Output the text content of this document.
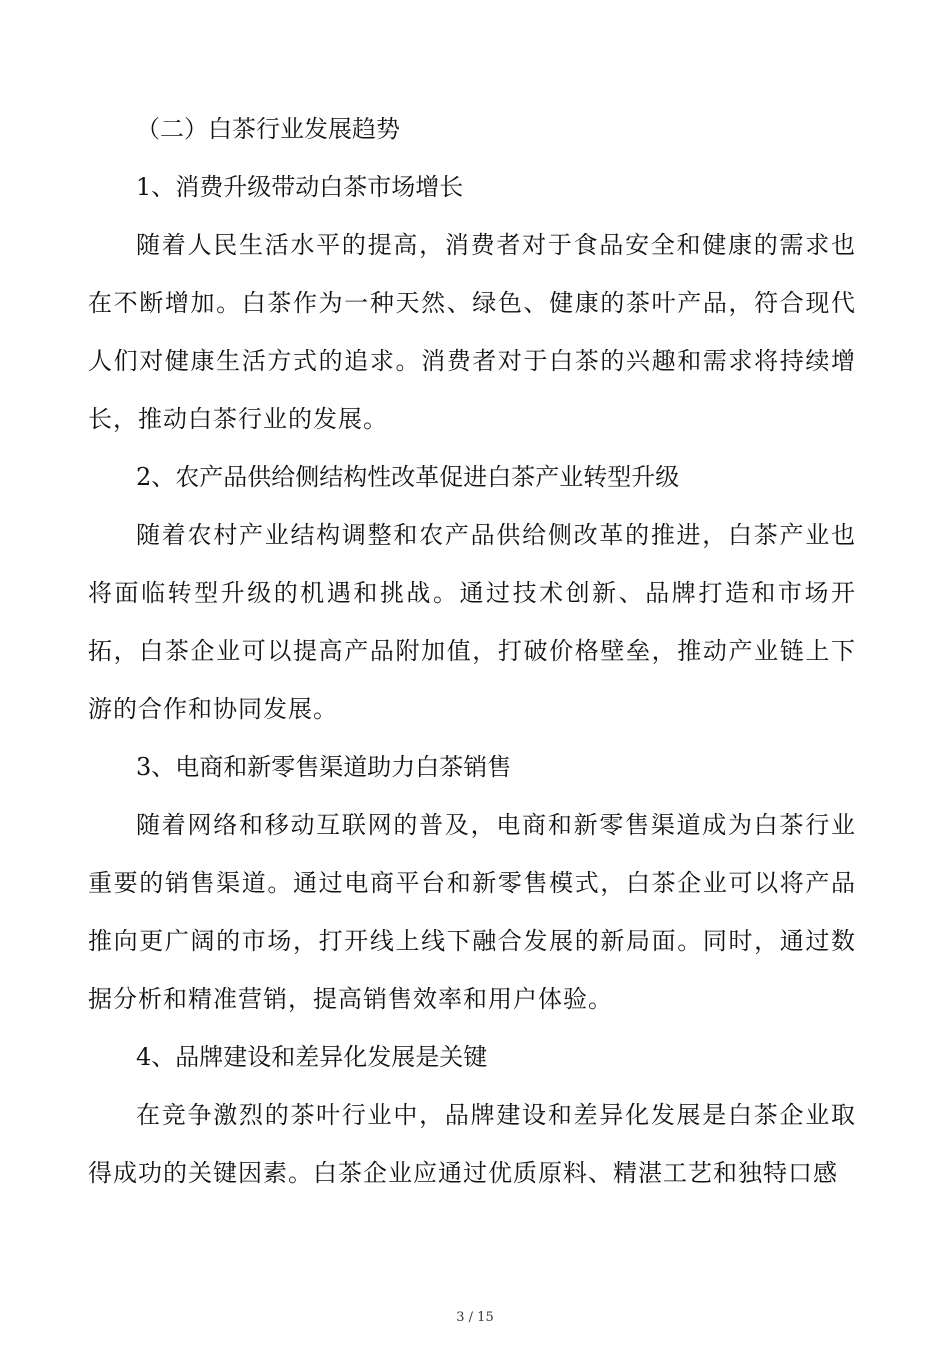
（二）白茶行业发展趋势

1、消费升级带动白茶市场增长

随着人民生活水平的提高，消费者对于食品安全和健康的需求也在不断增加。白茶作为一种天然、绿色、健康的茶叶产品，符合现代人们对健康生活方式的追求。消费者对于白茶的兴趣和需求将持续增长，推动白茶行业的发展。

2、农产品供给侧结构性改革促进白茶产业转型升级

随着农村产业结构调整和农产品供给侧改革的推进，白茶产业也将面临转型升级的机遇和挑战。通过技术创新、品牌打造和市场开拓，白茶企业可以提高产品附加值，打破价格壁垒，推动产业链上下游的合作和协同发展。

3、电商和新零售渠道助力白茶销售

随着网络和移动互联网的普及，电商和新零售渠道成为白茶行业重要的销售渠道。通过电商平台和新零售模式，白茶企业可以将产品推向更广阔的市场，打开线上线下融合发展的新局面。同时，通过数据分析和精准营销，提高销售效率和用户体验。

4、品牌建设和差异化发展是关键

在竞争激烈的茶叶行业中，品牌建设和差异化发展是白茶企业取得成功的关键因素。白茶企业应通过优质原料、精湛工艺和独特口感

3 / 15
